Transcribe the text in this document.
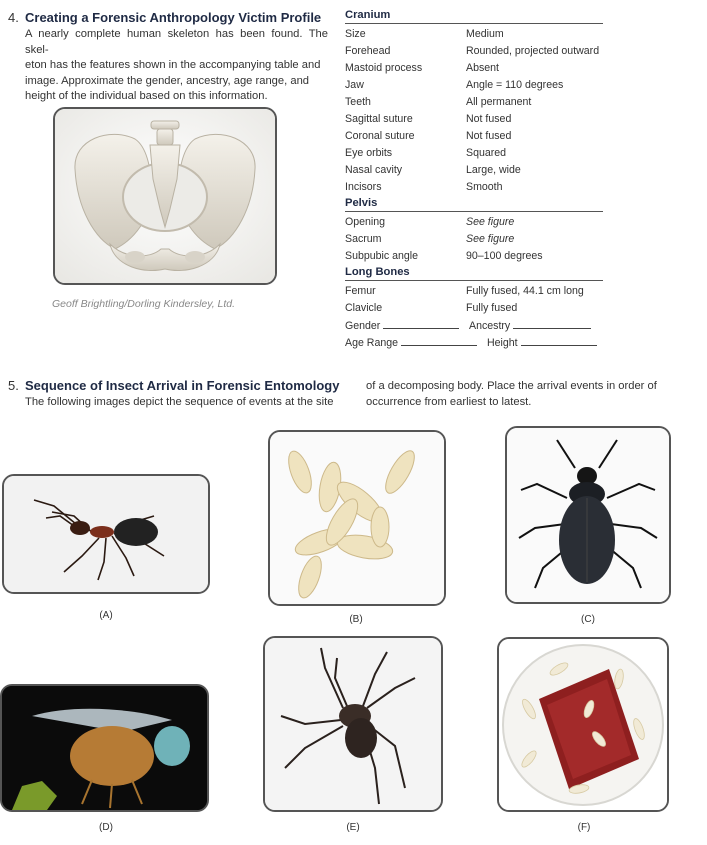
4. Creating a Forensic Anthropology Victim Profile
A nearly complete human skeleton has been found. The skel-
eton has the features shown in the accompanying table and
image. Approximate the gender, ancestry, age range, and
height of the individual based on this information.
Geoff Brightling/Dorling Kindersley, Ltd.
Cranium
Size	Medium
Forehead	Rounded, projected outward
Mastoid process	Absent
Jaw	Angle = 110 degrees
Teeth	All permanent
Sagittal suture	Not fused
Coronal suture	Not fused
Eye orbits	Squared
Nasal cavity	Large, wide
Incisors	Smooth
Pelvis
Opening	See figure
Sacrum	See figure
Subpubic angle	90–100 degrees
Long Bones
Femur	Fully fused, 44.1 cm long
Clavicle	Fully fused
Gender	Ancestry
Age Range	Height
5. Sequence of Insect Arrival in Forensic Entomology
The following images depict the sequence of events at the site
of a decomposing body. Place the arrival events in order of
occurrence from earliest to latest.
(A)	(B)	(C)
(D)	(E)	(F)
